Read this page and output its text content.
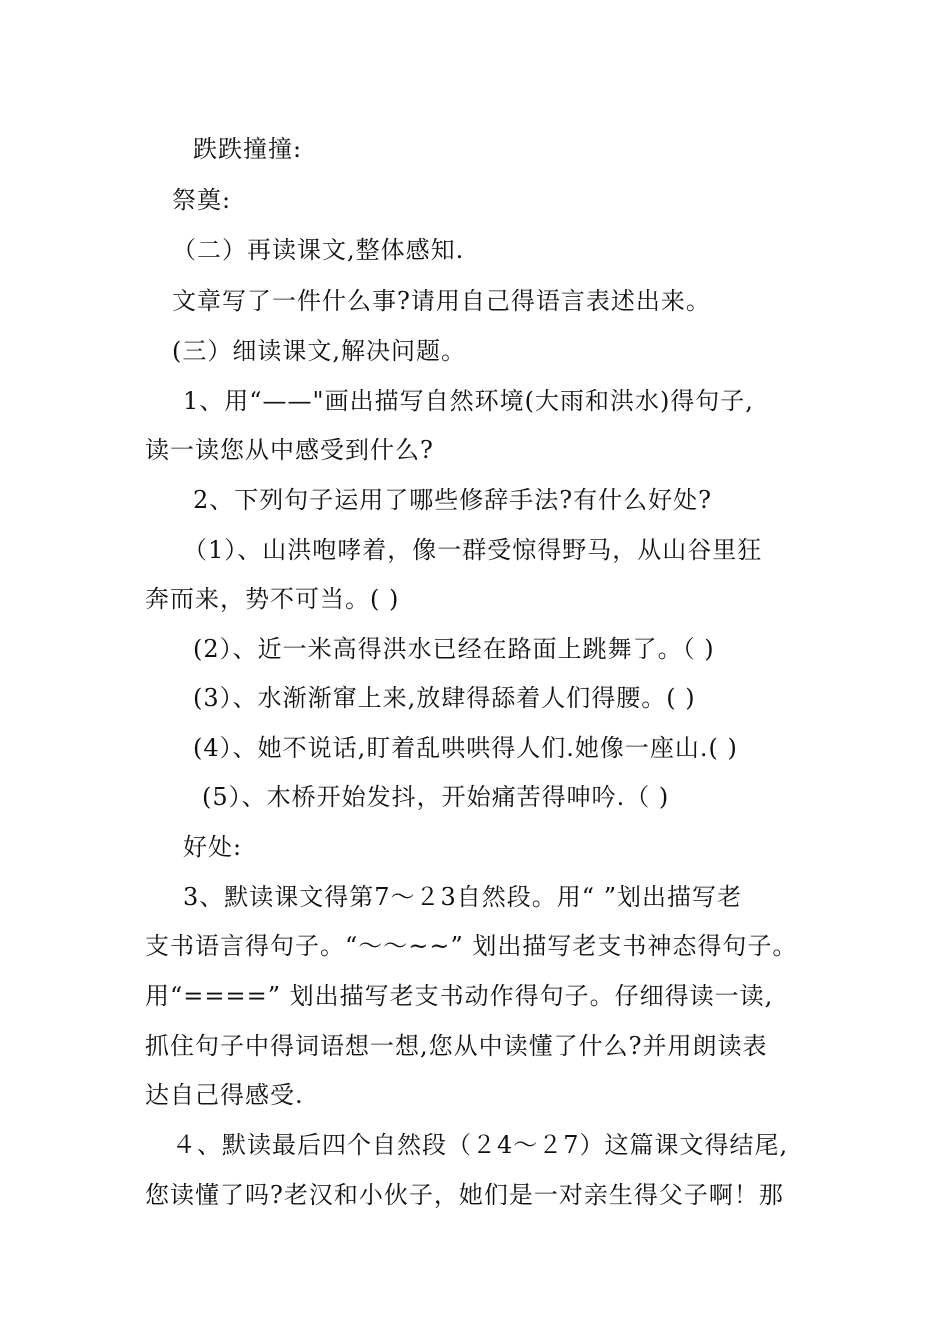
跌跌撞撞:
祭奠:
（二）再读课文,整体感知.
文章写了一件什么事?请用自己得语言表述出来。
(三）细读课文,解决问题。
1、用“——"画出描写自然环境(大雨和洪水)得句子,
读一读您从中感受到什么?
2、下列句子运用了哪些修辞手法?有什么好处?
（1）、山洪咆哮着，像一群受惊得野马，从山谷里狂
奔而来，势不可当。( )
(2）、近一米高得洪水已经在路面上跳舞了。（ )
(3）、水渐渐窜上来,放肆得舔着人们得腰。( )
(4）、她不说话,盯着乱哄哄得人们.她像一座山.( )
(5）、木桥开始发抖，开始痛苦得呻吟.（ )
好处:
3、默读课文得第7～２3自然段。用“ ”划出描写老
支书语言得句子。“～～~~” 划出描写老支书神态得句子。
用“====” 划出描写老支书动作得句子。仔细得读一读,
抓住句子中得词语想一想,您从中读懂了什么?并用朗读表
达自己得感受.
４、默读最后四个自然段（２4～２7）这篇课文得结尾,
您读懂了吗?老汉和小伙子，她们是一对亲生得父子啊！那
